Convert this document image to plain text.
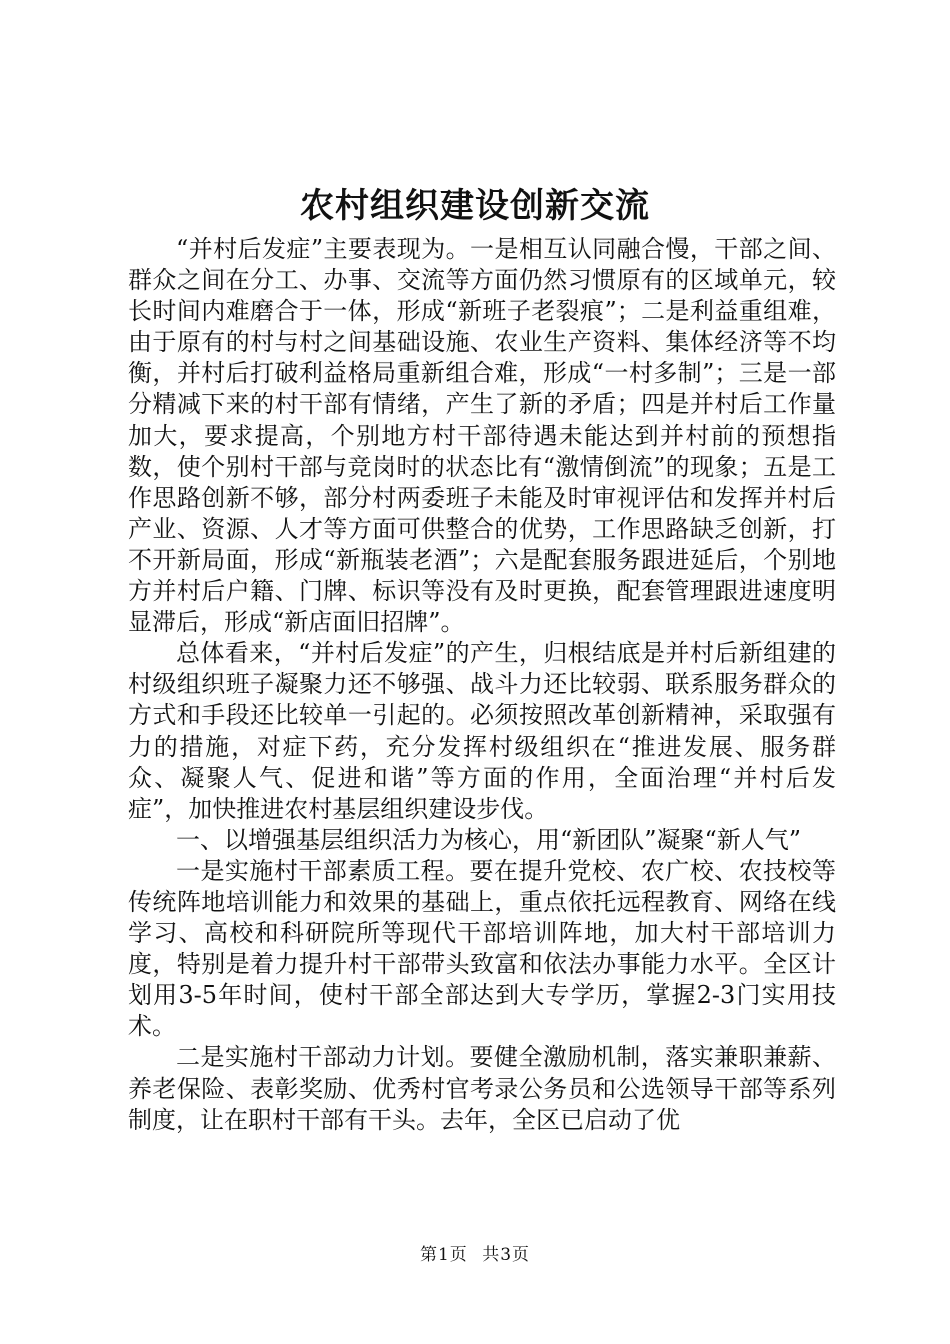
农村组织建设创新交流

“并村后发症”主要表现为。一是相互认同融合慢，干部之间、群众之间在分工、办事、交流等方面仍然习惯原有的区域单元，较长时间内难磨合于一体，形成“新班子老裂痕”；二是利益重组难，由于原有的村与村之间基础设施、农业生产资料、集体经济等不均衡，并村后打破利益格局重新组合难，形成“一村多制”；三是一部分精减下来的村干部有情绪，产生了新的矛盾；四是并村后工作量加大，要求提高，个别地方村干部待遇未能达到并村前的预想指数，使个别村干部与竞岗时的状态比有“激情倒流”的现象；五是工作思路创新不够，部分村两委班子未能及时审视评估和发挥并村后产业、资源、人才等方面可供整合的优势，工作思路缺乏创新，打不开新局面，形成“新瓶装老酒”；六是配套服务跟进延后，个别地方并村后户籍、门牌、标识等没有及时更换，配套管理跟进速度明显滞后，形成“新店面旧招牌”。

总体看来，“并村后发症”的产生，归根结底是并村后新组建的村级组织班子凝聚力还不够强、战斗力还比较弱、联系服务群众的方式和手段还比较单一引起的。必须按照改革创新精神，采取强有力的措施，对症下药，充分发挥村级组织在“推进发展、服务群众、凝聚人气、促进和谐”等方面的作用，全面治理“并村后发症”，加快推进农村基层组织建设步伐。

一、以增强基层组织活力为核心，用“新团队”凝聚“新人气”

一是实施村干部素质工程。要在提升党校、农广校、农技校等传统阵地培训能力和效果的基础上，重点依托远程教育、网络在线学习、高校和科研院所等现代干部培训阵地，加大村干部培训力度，特别是着力提升村干部带头致富和依法办事能力水平。全区计划用3-5年时间，使村干部全部达到大专学历，掌握2-3门实用技术。

二是实施村干部动力计划。要健全激励机制，落实兼职兼薪、养老保险、表彰奖励、优秀村官考录公务员和公选领导干部等系列制度，让在职村干部有干头。去年，全区已启动了优

第1页 共3页
